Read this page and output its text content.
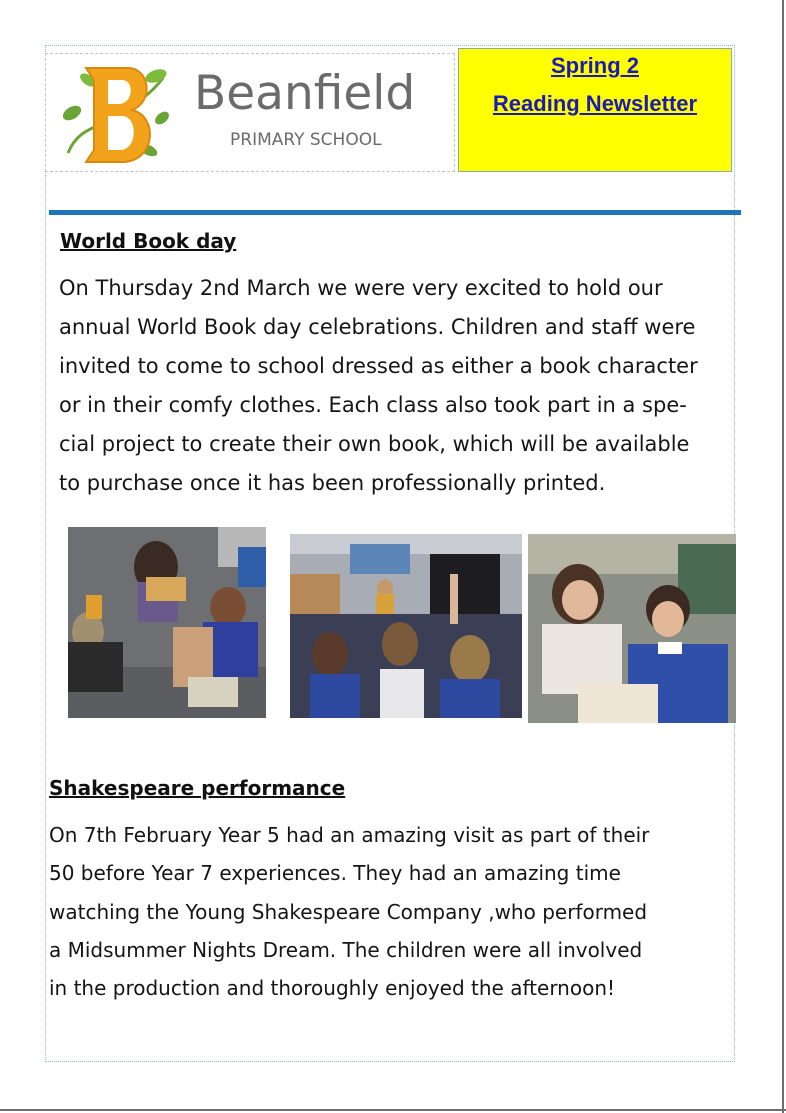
Beanfield
PRIMARY SCHOOL
Spring 2
Reading Newsletter
World Book day
On Thursday 2nd March we were very excited to hold our
annual World Book day celebrations. Children and staff were
invited to come to school dressed as either a book character
or in their comfy clothes. Each class also took part in a spe-
cial project to create their own book, which will be available
to purchase once it has been professionally printed.
Shakespeare performance
On 7th February Year 5 had an amazing visit as part of their
50 before Year 7 experiences. They had an amazing time
watching the Young Shakespeare Company ,who performed
a Midsummer Nights Dream. The children were all involved
in the production and thoroughly enjoyed the afternoon!
